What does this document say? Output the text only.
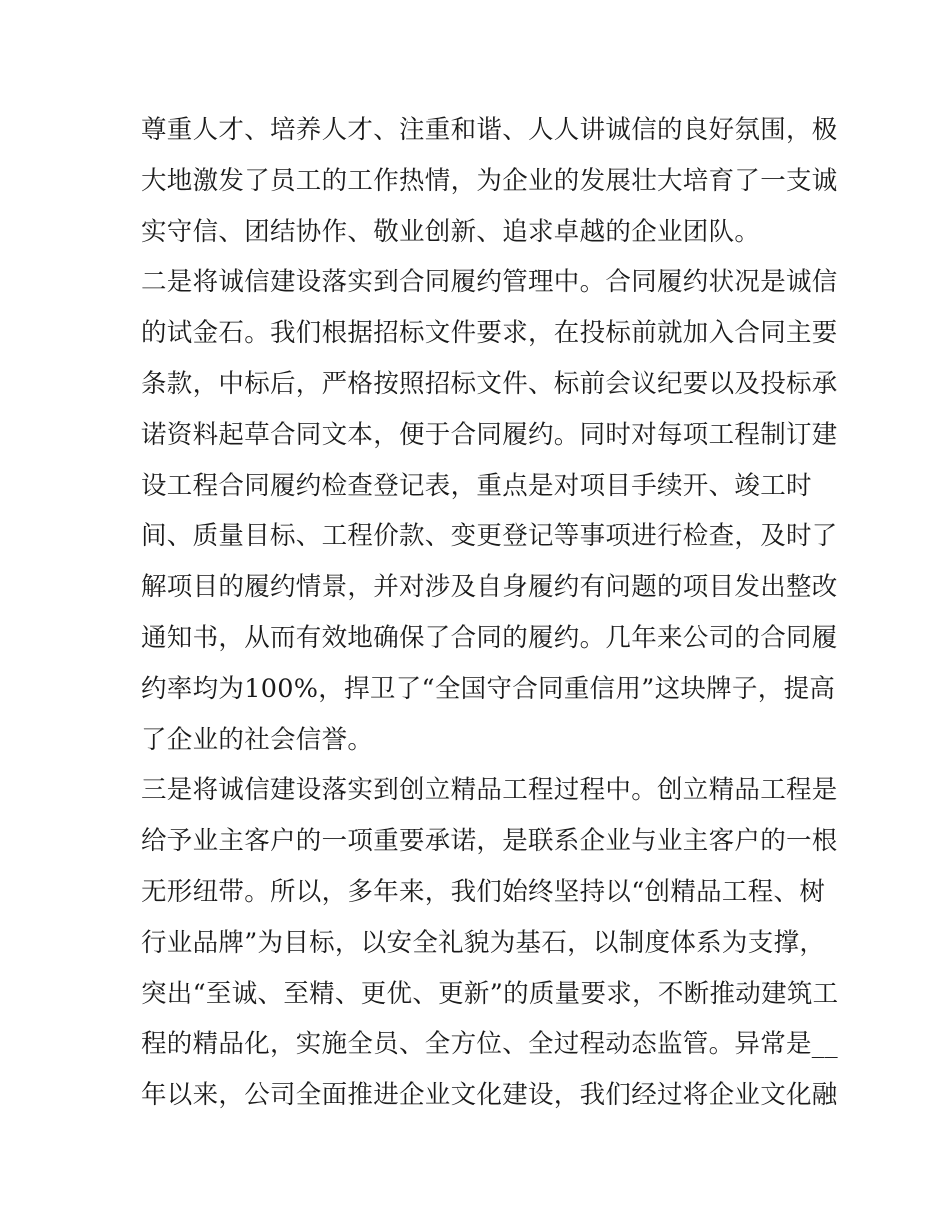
尊重人才、培养人才、注重和谐、人人讲诚信的良好氛围，极
大地激发了员工的工作热情，为企业的发展壮大培育了一支诚
实守信、团结协作、敬业创新、追求卓越的企业团队。
二是将诚信建设落实到合同履约管理中。合同履约状况是诚信
的试金石。我们根据招标文件要求，在投标前就加入合同主要
条款，中标后，严格按照招标文件、标前会议纪要以及投标承
诺资料起草合同文本，便于合同履约。同时对每项工程制订建
设工程合同履约检查登记表，重点是对项目手续开、竣工时
间、质量目标、工程价款、变更登记等事项进行检查，及时了
解项目的履约情景，并对涉及自身履约有问题的项目发出整改
通知书，从而有效地确保了合同的履约。几年来公司的合同履
约率均为100%，捍卫了“全国守合同重信用”这块牌子，提高
了企业的社会信誉。
三是将诚信建设落实到创立精品工程过程中。创立精品工程是
给予业主客户的一项重要承诺，是联系企业与业主客户的一根
无形纽带。所以，多年来，我们始终坚持以“创精品工程、树
行业品牌”为目标，以安全礼貌为基石，以制度体系为支撑，
突出“至诚、至精、更优、更新”的质量要求，不断推动建筑工
程的精品化，实施全员、全方位、全过程动态监管。异常是__
年以来，公司全面推进企业文化建设，我们经过将企业文化融
